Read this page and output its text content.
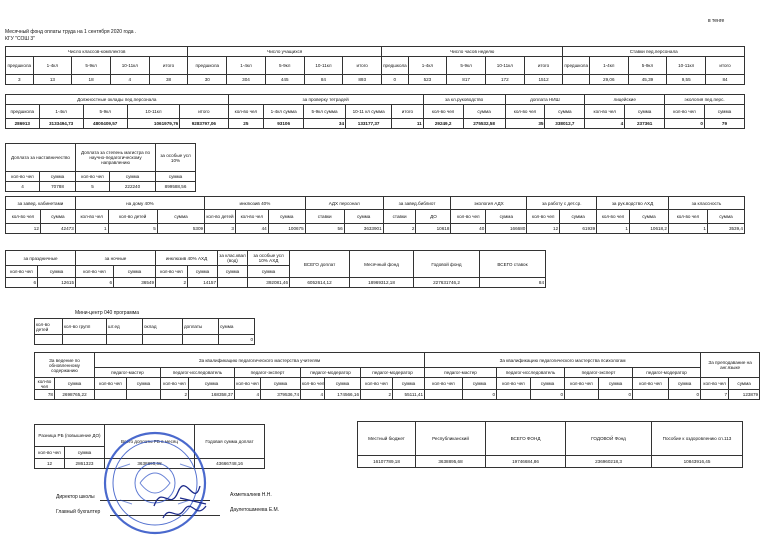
в тенге
Месячный фонд оплаты труда на 1 сентября 2020 года .
КГУ "СОШ 3"
Число классов-комплектов					Число учащихся					Число часов неделю					Ставки пед.персонала				
предшкола	1-4кл	5-9кл	10-11кл	итого	предшкола	1-4кл	5-9кл	10-11кл	итого	предшкола	1-4кл	5-9кл	10-11кл	итого	предшкола	1-4кл	5-9кл	10-11кл	итого
3	13	18	4	38	30	304	445	84	893	0	523	817	172	1512		29,06	45,39	9,55	84
Должностные оклады пед.персонала					за проверку тетрадей					за кл.руководство		доплата НИШ		лицейские		экология пед.перс.	
предшкола	1-4кл	5-9кл	10-11кл	итого	кол-во чел	1-4кл сумма	5-9кл сумма	10-11 кл сумма	итого	кол-во чел	сумма	кол-во чел	сумма	кол-во чел	сумма	кол-во чел	сумма
286913	3133494,73	4800409,57	1061979,76	9283797,06	25	93106	34	133177,37	11	29249,2	275532,58	35	338012,7	4	237361	0	79
Доплата за наставничество		Доплата за степень магистра по научно-педагогическому направлению		за особые усл 10%
кол-во чел	сумма	кол-во чел	сумма	сумма
4	70788	5	222240	899588,56
за завед. кабинетами		на дому 40%			инклюзив 40%			АДХ персонал		за завед.библиот		экология АДХ		за работу с дет.ср.		за рук.водство АХД		за классность	
кол-во чел	сумма	кол-во чел	кол-во детей	сумма	кол-во детей	кол-во чел	сумма	ставки	сумма	ставки	ДО	кол-во чел	сумма	кол-во чел	сумма	кол-во чел	сумма	кол-во чел	сумма
12	42473	1	5	5309	3	44	100675	56	3633901	2	10618	40	166680	12	61939	1	10618,2	1	3539,4
за праздничные		за ночные		инклюзив 40% АХД		за клас.квал (вод)	за особые усл 10% АХД	ВСЕГО доплат	Месячный фонд	Годовой фонд	ВСЕГО ставок
кол-во чел	сумма	кол-во чел	сумма	кол-во чел	сумма	сумма	сумма				
6	12615	6	36549	2	14157		392081,46	6052614,12	18969312,18	227631746,2	84
Мини-центр 040 программа
кол-во детей	кол-во групп	шт.ед	оклад	доплаты	сумма
					0
За ведение по обновленному содержанию		За квалификацию педагогического мастерства учителям										За квалификацию педагогического мастерства психологам								За преподавание на анг.языке	
		педагог-мастер		педагог-исследователь		педагог-эксперт		педагог-модератор		педагог-модератор		педагог-мастер		педагог-исследователь		педагог-эксперт		педагог-модератор			
кол-во чел	сумма	кол-во чел	сумма	кол-во чел	сумма	кол-во чел	сумма	кол-во чел	сумма	кол-во чел	сумма	кол-во чел	сумма	кол-во чел	сумма	кол-во чел	сумма	кол-во чел	сумма	кол-во чел	сумма
78	2698765,22			2	168358,37	4	379536,74	4	174566,16	2	55111,41		0		0		0		0	7	123879
Разница РБ (повышение ДО)		Всего доплаты РБ в месяц	Годовая сумма доплат
кол-во чел	сумма		
12	2861323	3638895,68	43666748,16
Местный бюджет	Республиканский	ВСЕГО ФОНД	ГОДОВОЙ Фонд	Пособие к оздоровлению сп.113
16107789,18	3638895,68	19746684,86	236960218,3	10843916,45
Директор школы	Ахметкалиев Н.Н.
Главный бухгалтер	Даулетошмеева Е.М.
